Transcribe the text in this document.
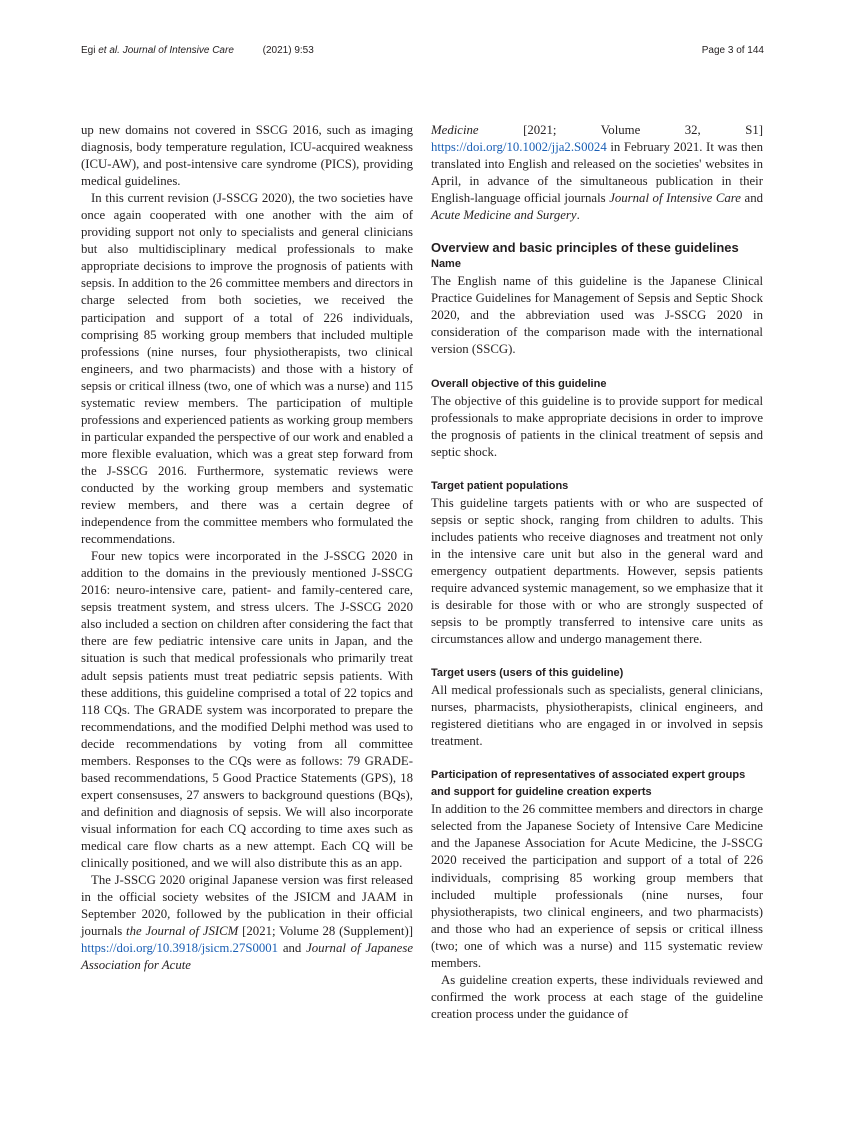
Egi et al. Journal of Intensive Care	(2021) 9:53	Page 3 of 144

up new domains not covered in SSCG 2016, such as imaging diagnosis, body temperature regulation, ICU-acquired weakness (ICU-AW), and post-intensive care syndrome (PICS), providing medical guidelines.

In this current revision (J-SSCG 2020), the two societies have once again cooperated with one another with the aim of providing support not only to specialists and general clinicians but also multidisciplinary medical professionals to make appropriate decisions to improve the prognosis of patients with sepsis. In addition to the 26 committee members and directors in charge selected from both societies, we received the participation and support of a total of 226 individuals, comprising 85 working group members that included multiple professions (nine nurses, four physiotherapists, two clinical engineers, and two pharmacists) and those with a history of sepsis or critical illness (two, one of which was a nurse) and 115 systematic review members. The participation of multiple professions and experienced patients as working group members in particular expanded the perspective of our work and enabled a more flexible evaluation, which was a great step forward from the J-SSCG 2016. Furthermore, systematic reviews were conducted by the working group members and systematic review members, and there was a certain degree of independence from the committee members who formulated the recommendations.

Four new topics were incorporated in the J-SSCG 2020 in addition to the domains in the previously mentioned J-SSCG 2016: neuro-intensive care, patient- and family-centered care, sepsis treatment system, and stress ulcers. The J-SSCG 2020 also included a section on children after considering the fact that there are few pediatric intensive care units in Japan, and the situation is such that medical professionals who primarily treat adult sepsis patients must treat pediatric sepsis patients. With these additions, this guideline comprised a total of 22 topics and 118 CQs. The GRADE system was incorporated to prepare the recommendations, and the modified Delphi method was used to decide recommendations by voting from all committee members. Responses to the CQs were as follows: 79 GRADE-based recommendations, 5 Good Practice Statements (GPS), 18 expert consensuses, 27 answers to background questions (BQs), and definition and diagnosis of sepsis. We will also incorporate visual information for each CQ according to time axes such as medical care flow charts as a new attempt. Each CQ will be clinically positioned, and we will also distribute this as an app.

The J-SSCG 2020 original Japanese version was first released in the official society websites of the JSICM and JAAM in September 2020, followed by the publication in their official journals the Journal of JSICM [2021; Volume 28 (Supplement)] https://doi.org/10.3918/jsicm.27S0001 and Journal of Japanese Association for Acute

Medicine [2021; Volume 32, S1] https://doi.org/10.1002/jja2.S0024 in February 2021. It was then translated into English and released on the societies' websites in April, in advance of the simultaneous publication in their English-language official journals Journal of Intensive Care and Acute Medicine and Surgery.

Overview and basic principles of these guidelines
Name

The English name of this guideline is the Japanese Clinical Practice Guidelines for Management of Sepsis and Septic Shock 2020, and the abbreviation used was J-SSCG 2020 in consideration of the comparison made with the international version (SSCG).

Overall objective of this guideline

The objective of this guideline is to provide support for medical professionals to make appropriate decisions in order to improve the prognosis of patients in the clinical treatment of sepsis and septic shock.

Target patient populations

This guideline targets patients with or who are suspected of sepsis or septic shock, ranging from children to adults. This includes patients who receive diagnoses and treatment not only in the intensive care unit but also in the general ward and emergency outpatient departments. However, sepsis patients require advanced systemic management, so we emphasize that it is desirable for those with or who are strongly suspected of sepsis to be promptly transferred to intensive care units as circumstances allow and undergo management there.

Target users (users of this guideline)

All medical professionals such as specialists, general clinicians, nurses, pharmacists, physiotherapists, clinical engineers, and registered dietitians who are engaged in or involved in sepsis treatment.

Participation of representatives of associated expert groups and support for guideline creation experts

In addition to the 26 committee members and directors in charge selected from the Japanese Society of Intensive Care Medicine and the Japanese Association for Acute Medicine, the J-SSCG 2020 received the participation and support of a total of 226 individuals, comprising 85 working group members that included multiple professionals (nine nurses, four physiotherapists, two clinical engineers, and two pharmacists) and those who had an experience of sepsis or critical illness (two; one of which was a nurse) and 115 systematic review members.

As guideline creation experts, these individuals reviewed and confirmed the work process at each stage of the guideline creation process under the guidance of
